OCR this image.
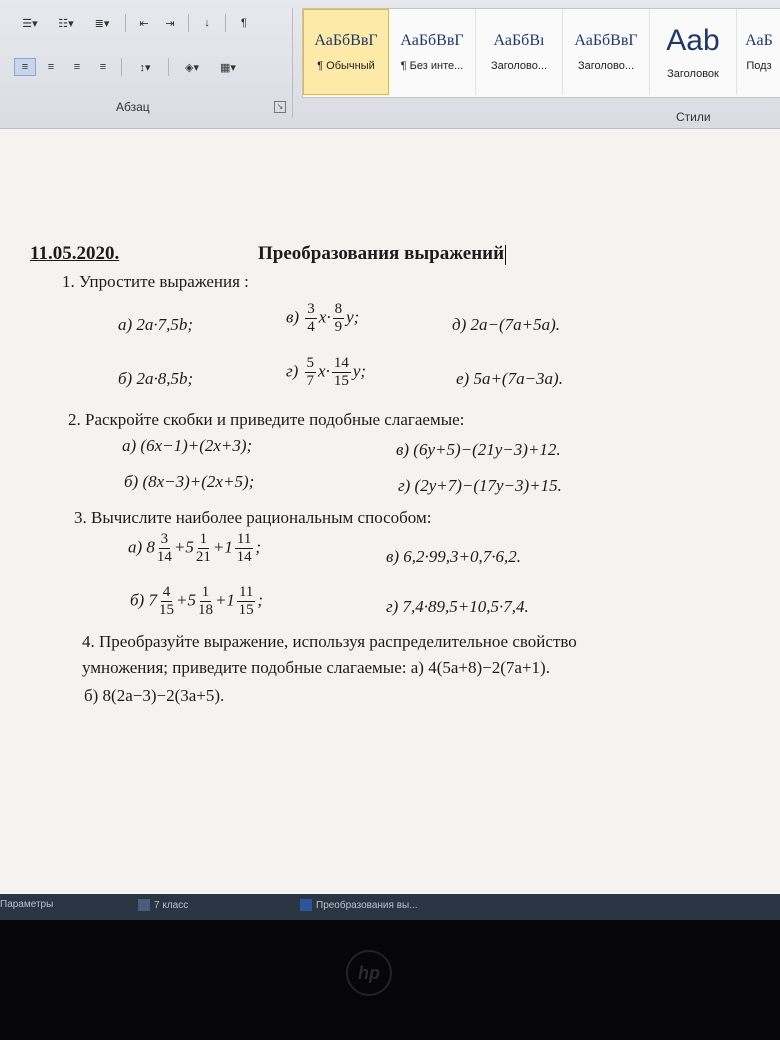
☰▾	☷▾	≣▾	⇤	⇥	↓	¶
≡	≡	≡	≡	↕▾	◈▾	▦▾
Абзац	↘
АаБбВвГ
¶ Обычный
АаБбВвГ
¶ Без инте...
АаБбВı
Заголово...
АаБбВвГ
Заголово...
Aab
Заголовок
АаБ
Подз
Стили
11.05.2020.	Преобразования выражений
1. Упростите выражения :
а) 2a·7,5b;	$в) \frac{3}{4} x\cdot \frac{8}{9} y$;	д) 2a−(7a+5a).
б) 2a·8,5b;	$г) \frac{5}{7} x\cdot \frac{14}{15} y$;	е) 5a+(7a−3a).
2. Раскройте скобки и приведите подобные слагаемые:
а) (6x−1)+(2x+3);	в) (6y+5)−(21y−3)+12.
б) (8x−3)+(2x+5);	г) (2y+7)−(17y−3)+15.
3. Вычислите наиболее рациональным способом:
а) $8 \frac{3}{14} +5 \frac{1}{21} +1 \frac{11}{14}$ ;
в) 6,2·99,3+0,7·6,2.
б) $7 \frac{4}{15} +5 \frac{1}{18} +1 \frac{11}{15}$ ;	г) 7,4·89,5+10,5·7,4.
4. Преобразуйте выражение, используя распределительное свойство
умножения; приведите подобные слагаемые: а) 4(5a+8)−2(7a+1).
б) 8(2a−3)−2(3a+5).
Параметры	7 класс	Преобразования вы...
hp
